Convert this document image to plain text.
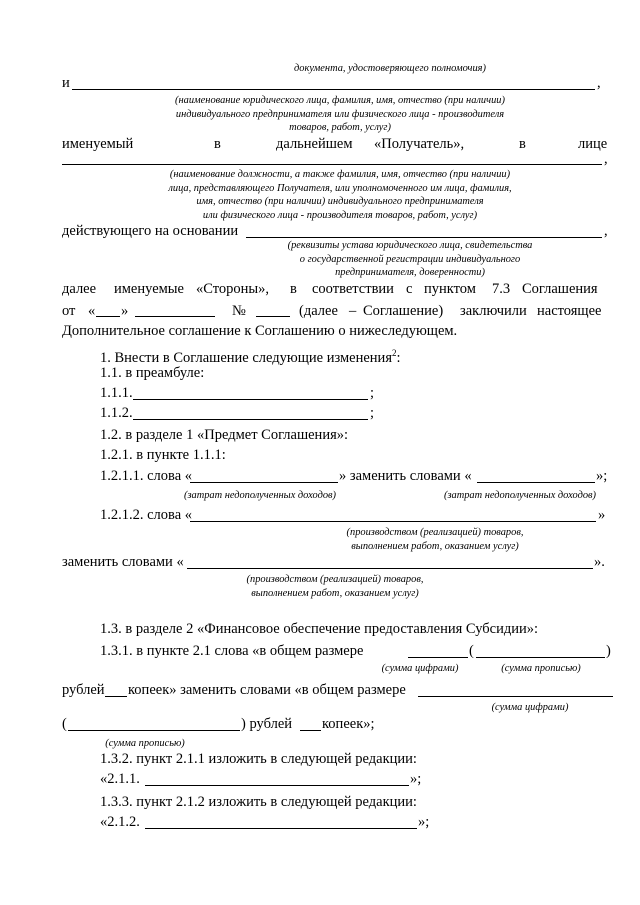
документа, удостоверяющего полномочия)
и	,
(наименование юридического лица, фамилия, имя, отчество (при наличии)
индивидуального предпринимателя или физического лица - производителя
товаров, работ, услуг)
именуемый	в	дальнейшем «Получатель»,	в	лице
,
(наименование должности, а также фамилия, имя, отчество (при наличии)
лица, представляющего Получателя, или уполномоченного им лица, фамилия,
имя, отчество (при наличии) индивидуального предпринимателя
или физического лица - производителя товаров, работ, услуг)
действующего на основании	,
(реквизиты устава юридического лица, свидетельства
о государственной регистрации индивидуального
предпринимателя, доверенности)
далее именуемые «Стороны», в соответствии с пунктом 7.3 Соглашения
от « »	№	(далее – Соглашение) заключили настоящее
Дополнительное соглашение к Соглашению о нижеследующем.
1. Внести в Соглашение следующие изменения$^2$:
1.1. в преамбуле:
1.1.1.	;
1.1.2.	;
1.2. в разделе 1 «Предмет Соглашения»:
1.2.1. в пункте 1.1.1:
1.2.1.1. слова «	» заменить словами «	»;
(затрат недополученных доходов)	(затрат недополученных доходов)
1.2.1.2. слова «	»
(производством (реализацией) товаров,
выполнением работ, оказанием услуг)
заменить словами «	».
(производством (реализацией) товаров,
выполнением работ, оказанием услуг)
1.3. в разделе 2 «Финансовое обеспечение предоставления Субсидии»:
1.3.1. в пункте 2.1 слова «в общем размере	(	)
(сумма цифрами)	(сумма прописью)
рублей копеек» заменить словами «в общем размере
(сумма цифрами)
(	) рублей копеек»;
(сумма прописью)
1.3.2. пункт 2.1.1 изложить в следующей редакции:
«2.1.1.	»;
1.3.3. пункт 2.1.2 изложить в следующей редакции:
«2.1.2.	»;
